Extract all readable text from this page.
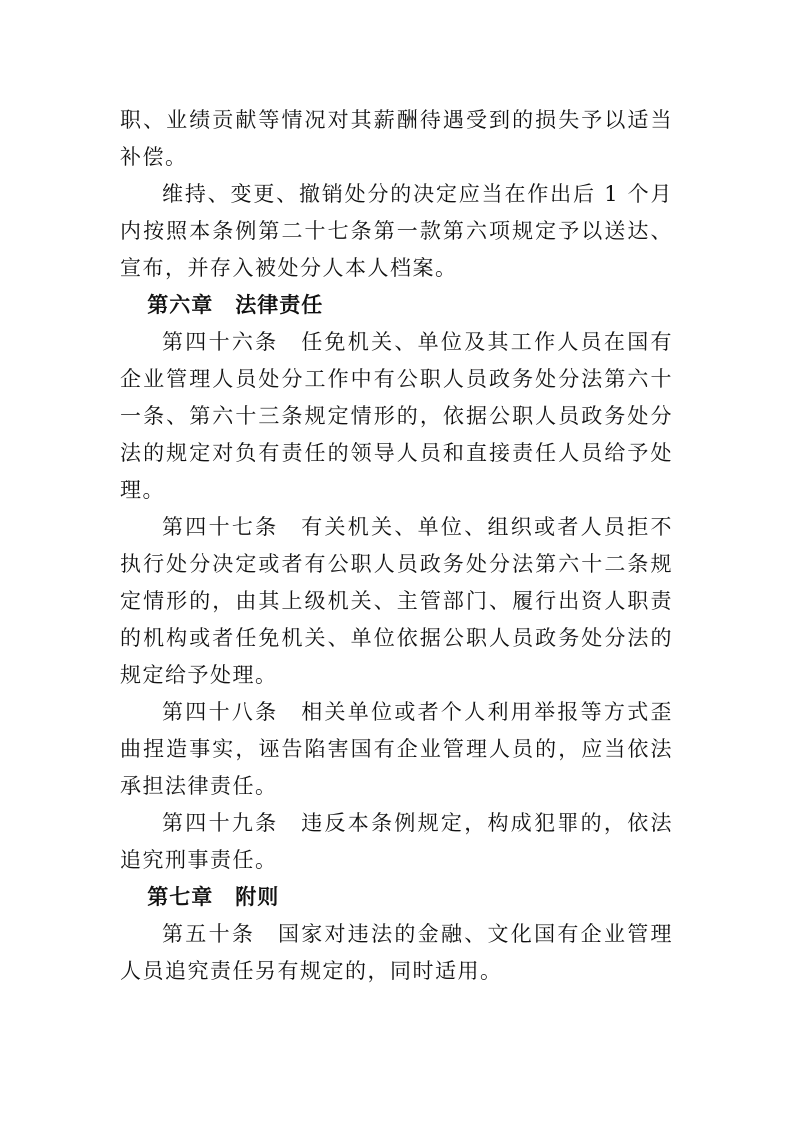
职、业绩贡献等情况对其薪酬待遇受到的损失予以适当补偿。

维持、变更、撤销处分的决定应当在作出后 1 个月内按照本条例第二十七条第一款第六项规定予以送达、宣布，并存入被处分人本人档案。

第六章 法律责任

第四十六条 任免机关、单位及其工作人员在国有企业管理人员处分工作中有公职人员政务处分法第六十一条、第六十三条规定情形的，依据公职人员政务处分法的规定对负有责任的领导人员和直接责任人员给予处理。

第四十七条 有关机关、单位、组织或者人员拒不执行处分决定或者有公职人员政务处分法第六十二条规定情形的，由其上级机关、主管部门、履行出资人职责的机构或者任免机关、单位依据公职人员政务处分法的规定给予处理。

第四十八条 相关单位或者个人利用举报等方式歪曲捏造事实，诬告陷害国有企业管理人员的，应当依法承担法律责任。

第四十九条 违反本条例规定，构成犯罪的，依法追究刑事责任。

第七章 附则

第五十条 国家对违法的金融、文化国有企业管理人员追究责任另有规定的，同时适用。
